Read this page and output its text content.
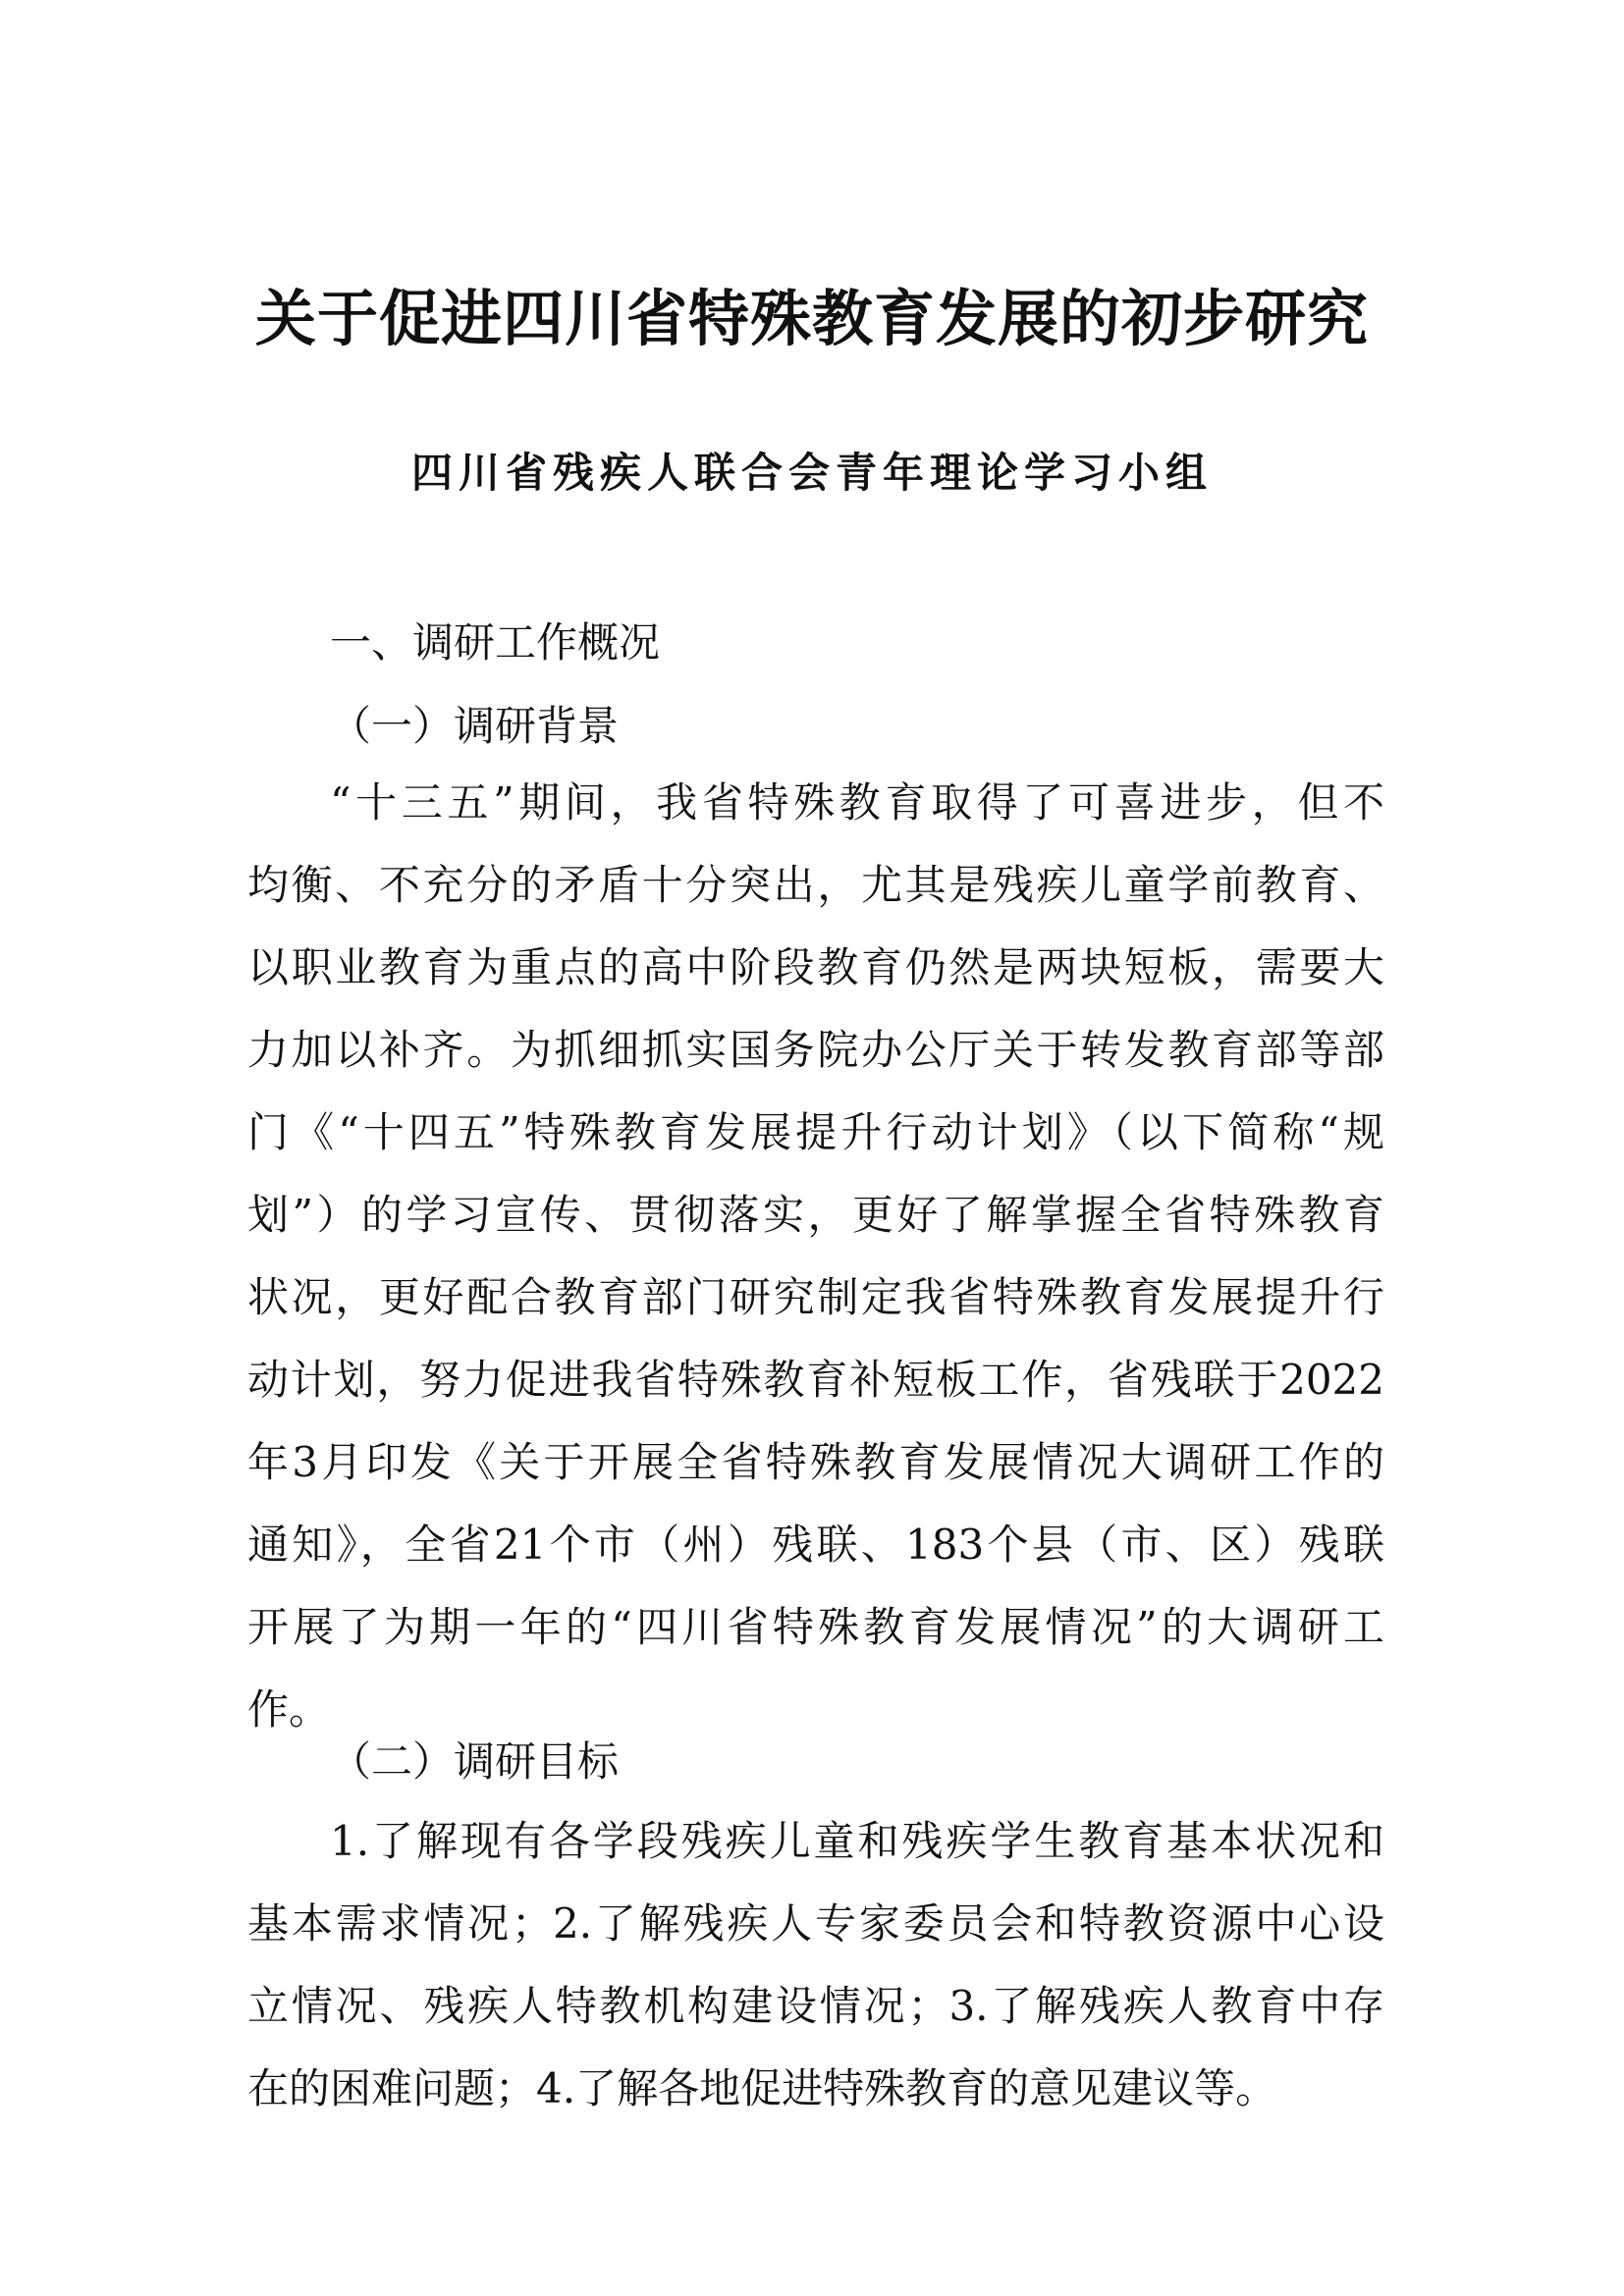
关于促进四川省特殊教育发展的初步研究
四川省残疾人联合会青年理论学习小组

一、调研工作概况

（一）调研背景

“十三五”期间，我省特殊教育取得了可喜进步，但不
均衡、不充分的矛盾十分突出，尤其是残疾儿童学前教育、
以职业教育为重点的高中阶段教育仍然是两块短板，需要大
力加以补齐。为抓细抓实国务院办公厅关于转发教育部等部
门《“十四五”特殊教育发展提升行动计划》（以下简称“规
划”）的学习宣传、贯彻落实，更好了解掌握全省特殊教育
状况，更好配合教育部门研究制定我省特殊教育发展提升行
动计划，努力促进我省特殊教育补短板工作，省残联于2022
年3月印发《关于开展全省特殊教育发展情况大调研工作的
通知》，全省21个市（州）残联、183个县（市、区）残联
开展了为期一年的“四川省特殊教育发展情况”的大调研工
作。

（二）调研目标

1.了解现有各学段残疾儿童和残疾学生教育基本状况和
基本需求情况；2.了解残疾人专家委员会和特教资源中心设
立情况、残疾人特教机构建设情况；3.了解残疾人教育中存
在的困难问题；4.了解各地促进特殊教育的意见建议等。
